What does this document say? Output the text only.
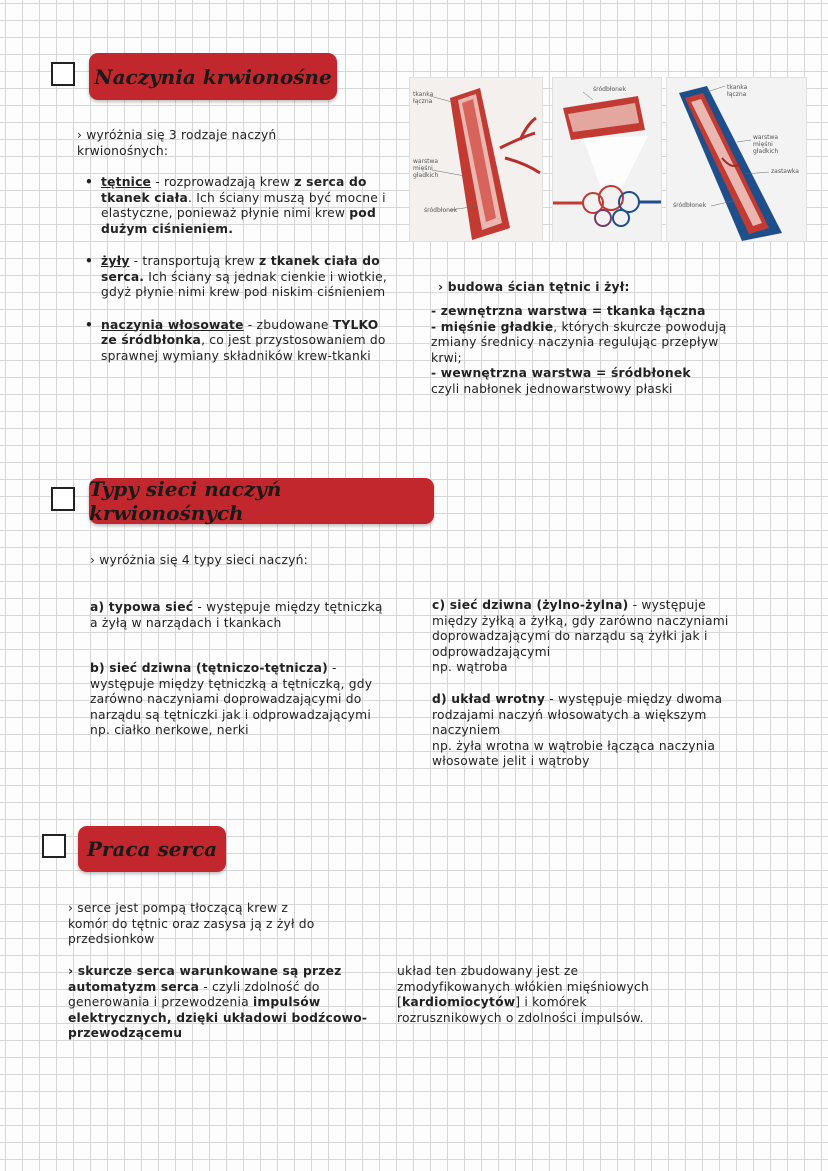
Naczynia krwionośne
› wyróżnia się 3 rodzaje naczyń krwionośnych:
• tętnice - rozprowadzają krew z serca do tkanek ciała. Ich ściany muszą być mocne i elastyczne, ponieważ płynie nimi krew pod dużym ciśnieniem.
• żyły - transportują krew z tkanek ciała do serca. Ich ściany są jednak cienkie i wiotkie, gdyż płynie nimi krew pod niskim ciśnieniem
• naczynia włosowate - zbudowane TYLKO ze śródbłonka, co jest przystosowaniem do sprawnej wymiany składników krew-tkanki
tkanka łączna
warstwa mięśni gładkich
śródbłonek
śródbłonek	tkanka łączna
warstwa mięśni gładkich
zastawka
śródbłonek
› budowa ścian tętnic i żył:
- zewnętrzna warstwa = tkanka łączna
- mięśnie gładkie, których skurcze powodują zmiany średnicy naczynia regulując przepływ krwi;
- wewnętrzna warstwa = śródbłonek
czyli nabłonek jednowarstwowy płaski
Typy sieci naczyń krwionośnych
› wyróżnia się 4 typy sieci naczyń:
a) typowa sieć - występuje między tętniczką a żyłą w narządach i tkankach
b) sieć dziwna (tętniczo-tętnicza) - występuje między tętniczką a tętniczką, gdy zarówno naczyniami doprowadzającymi do narządu są tętniczki jak i odprowadzającymi
np. ciałko nerkowe, nerki
c) sieć dziwna (żylno-żylna) - występuje między żyłką a żyłką, gdy zarówno naczyniami doprowadzającymi do narządu są żyłki jak i odprowadzającymi
np. wątroba
d) układ wrotny - występuje między dwoma rodzajami naczyń włosowatych a większym naczyniem
np. żyła wrotna w wątrobie łącząca naczynia włosowate jelit i wątroby
Praca serca
› serce jest pompą tłoczącą krew z komór do tętnic oraz zasysa ją z żył do przedsionkow
› skurcze serca warunkowane są przez automatyzm serca - czyli zdolność do generowania i przewodzenia impulsów elektrycznych, dzięki układowi bodźcowo-przewodzącemu
układ ten zbudowany jest ze zmodyfikowanych włókien mięśniowych [kardiomiocytów] i komórek rozrusznikowych o zdolności impulsów.
